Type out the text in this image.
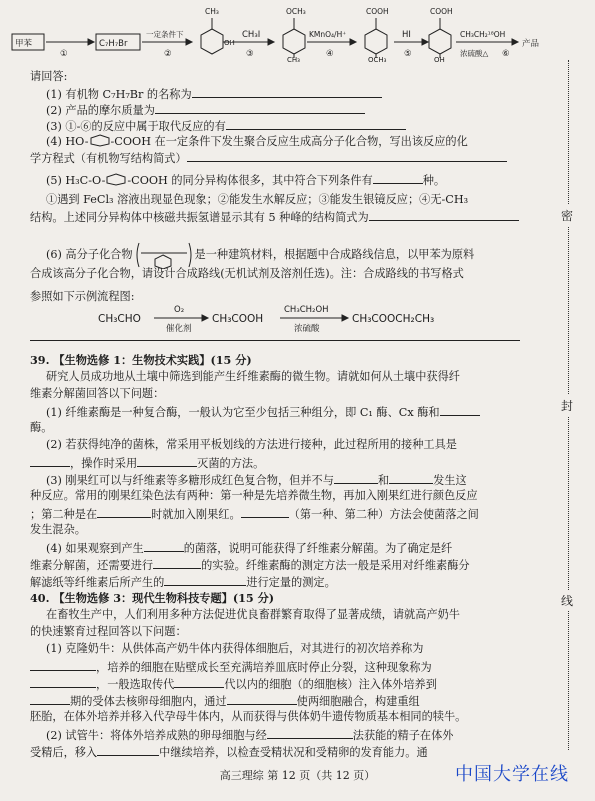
甲苯
①
C₇H₇Br
一定条件下
②
CH₃
OH
CH₃I
③
OCH₃
CH₃
KMnO₄/H⁺
④
COOH
OCH₃
HI
⑤
COOH
OH
CH₃CH₂¹⁸OH
浓硫酸△ ⑥
产品
请回答:
(1) 有机物 C₇H₇Br 的名称为
(2) 产品的摩尔质量为
(3) ①-⑥的反应中属于取代反应的有
(4) HO- -COOH 在一定条件下发生聚合反应生成高分子化合物，写出该反应的化
学方程式（有机物写结构简式）
(5) H₃C-O- -COOH 的同分异构体很多，其中符合下列条件有	种。
①遇到 FeCl₃ 溶液出现显色现象；②能发生水解反应；③能发生银镜反应；④无-CH₃
结构。上述同分异构体中核磁共振氢谱显示其有 5 种峰的结构简式为
(6) 高分子化合物	是一种建筑材料，根据题中合成路线信息，以甲苯为原料
合成该高分子化合物，请设计合成路线(无机试剂及溶剂任选)。注：合成路线的书写格式
参照如下示例流程图:
CH₃CHO
O₂
催化剂
CH₃COOH
CH₃CH₂OH
浓硫酸
CH₃COOCH₂CH₃
39. 【生物选修 1：生物技术实践】(15 分)
研究人员成功地从土壤中筛选到能产生纤维素酶的微生物。请就如何从土壤中获得纤
维素分解菌回答以下问题：
(1) 纤维素酶是一种复合酶，一般认为它至少包括三种组分，即 C₁ 酶、Cx 酶和
酶。
(2) 若获得纯净的菌株，常采用平板划线的方法进行接种，此过程所用的接种工具是
，操作时采用	灭菌的方法。
(3) 刚果红可以与纤维素等多糖形成红色复合物，但并不与	和	发生这
种反应。常用的刚果红染色法有两种：第一种是先培养微生物，再加入刚果红进行颜色反应
；第二种是在	时就加入刚果红。	（第一种、第二种）方法会使菌落之间
发生混杂。
(4) 如果观察到产生	的菌落，说明可能获得了纤维素分解菌。为了确定是纤
维素分解菌，还需要进行	的实验。纤维素酶的测定方法一般是采用对纤维素酶分
解滤纸等纤维素后所产生的	进行定量的测定。
40. 【生物选修 3：现代生物科技专题】(15 分)
在畜牧生产中，人们利用多种方法促进优良畜群繁育取得了显著成绩，请就高产奶牛
的快速繁育过程回答以下问题：
(1) 克隆奶牛：从供体高产奶牛体内获得体细胞后，对其进行的初次培养称为
，培养的细胞在贴壁成长至充满培养皿底时停止分裂，这种现象称为
，一般选取传代	代以内的细胞（的细胞核）注入体外培养到
期的受体去核卵母细胞内，通过	使两细胞融合，构建重组
胚胎，在体外培养并移入代孕母牛体内，从而获得与供体奶牛遗传物质基本相同的犊牛。
(2) 试管牛：将体外培养成熟的卵母细胞与经	法获能的精子在体外
受精后，移入	中继续培养，以检查受精状况和受精卵的发育能力。通
密
封
线
高三理综 第 12 页（共 12 页）	中国大学在线
